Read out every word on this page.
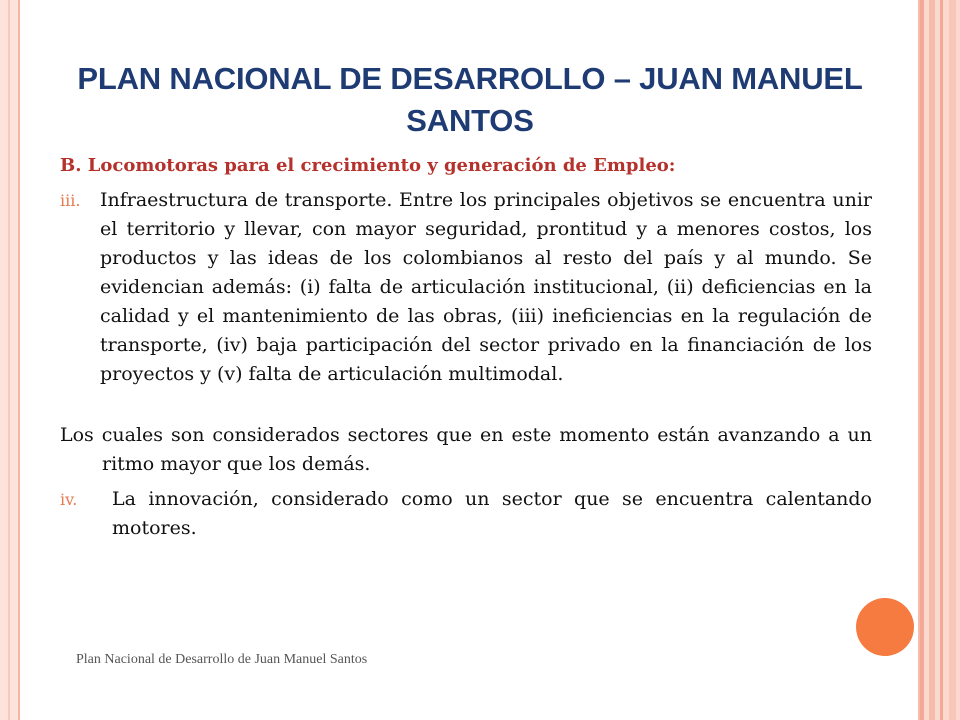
PLAN NACIONAL DE DESARROLLO – JUAN MANUEL SANTOS

B. Locomotoras para el crecimiento y generación de Empleo:

iii.	Infraestructura de transporte. Entre los principales objetivos se encuentra unir el territorio y llevar, con mayor seguridad, prontitud y a menores costos, los productos y las ideas de los colombianos al resto del país y al mundo. Se evidencian además: (i) falta de articulación institucional, (ii) deficiencias en la calidad y el mantenimiento de las obras, (iii) ineficiencias en la regulación de transporte, (iv) baja participación del sector privado en la financiación de los proyectos y (v) falta de articulación multimodal.

Los cuales son considerados sectores que en este momento están avanzando a un ritmo mayor que los demás.

iv.	La innovación, considerado como un sector que se encuentra calentando motores.
Plan Nacional de Desarrollo de Juan Manuel Santos
